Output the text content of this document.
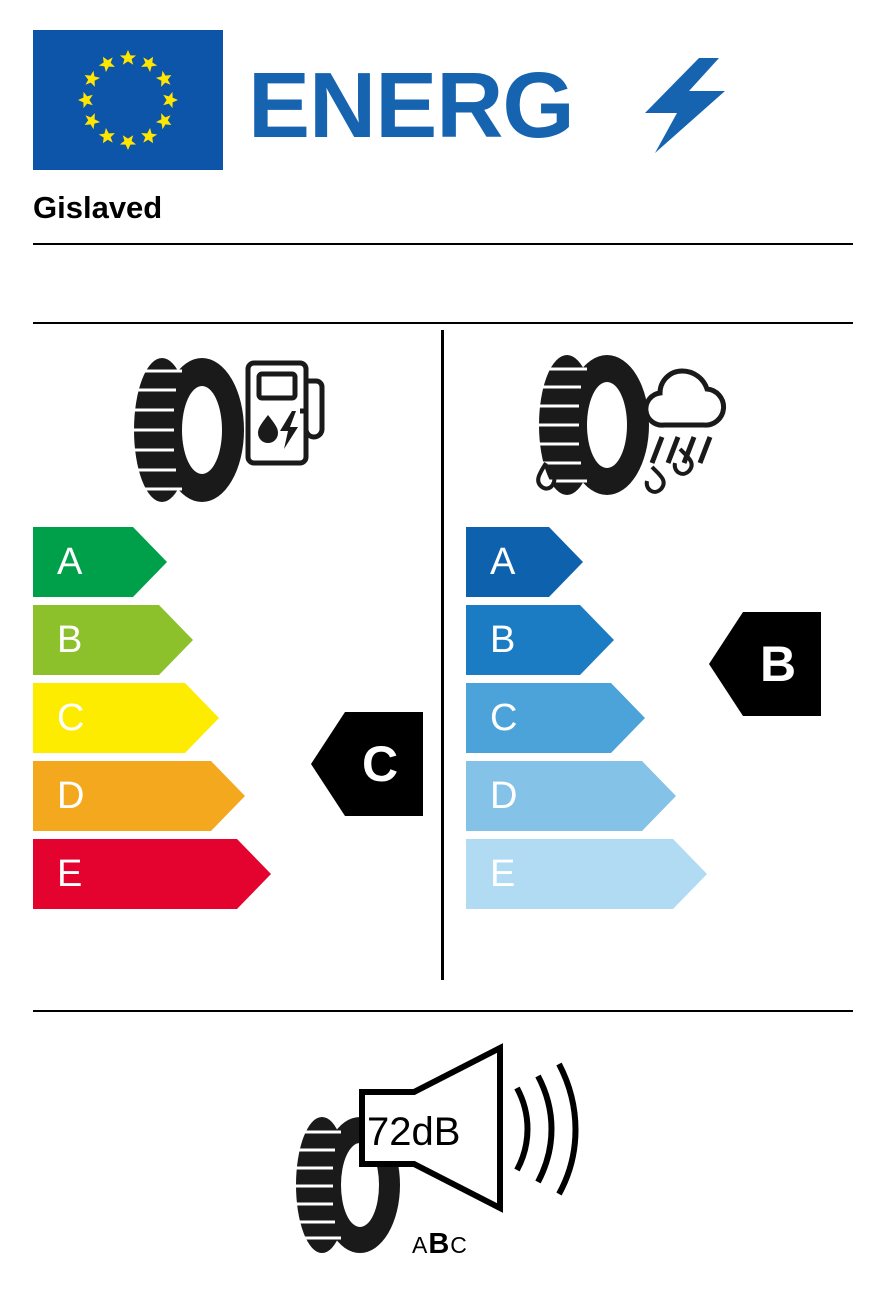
ENERG
Gislaved
A
B
C
D
E
C
A
B
C
D
E
B
72dB
ABC
